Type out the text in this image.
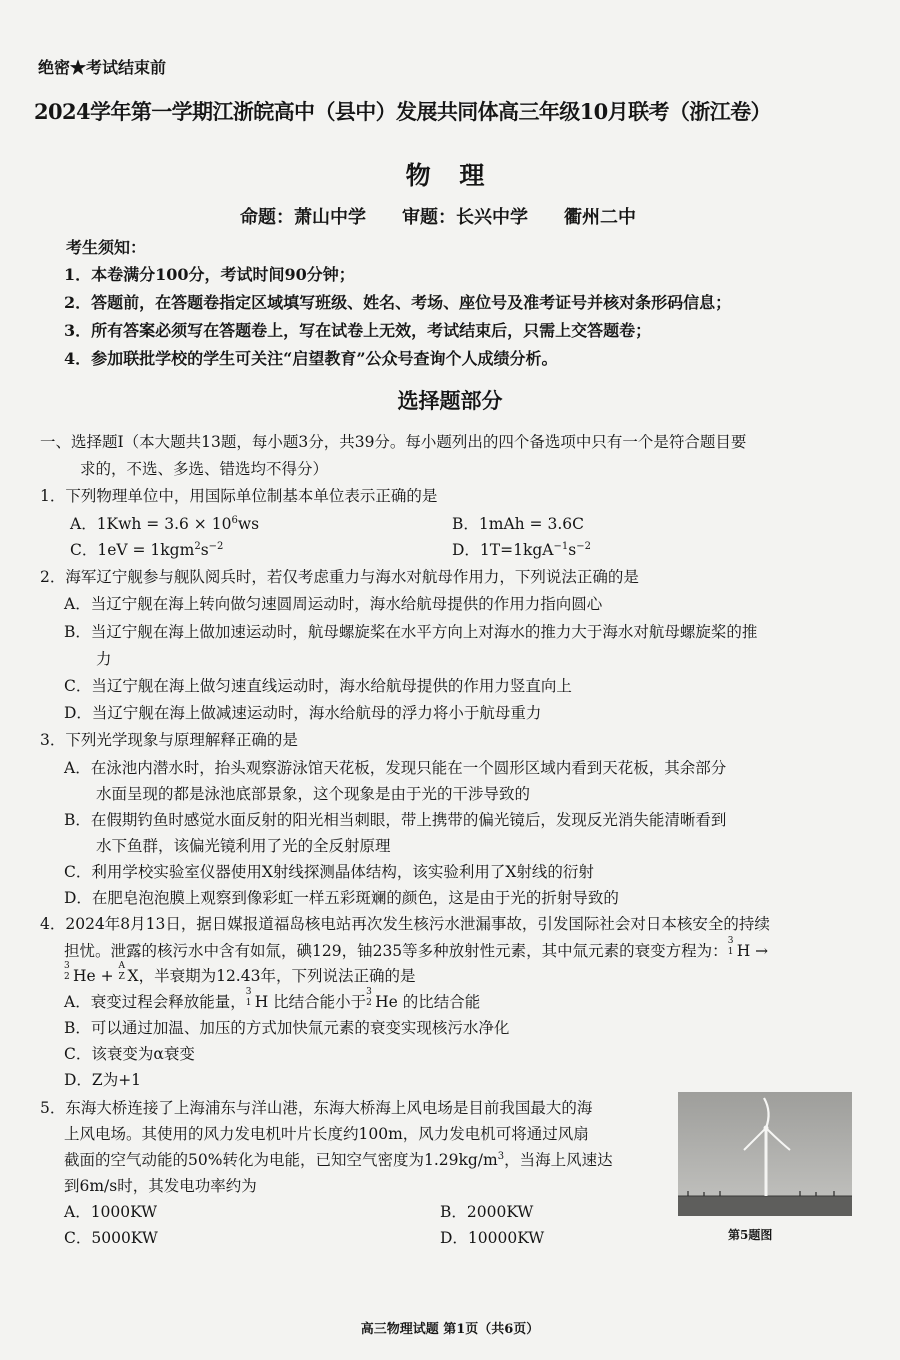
绝密★考试结束前
2024学年第一学期江浙皖高中（县中）发展共同体高三年级10月联考（浙江卷）
物 理
命题：萧山中学 审题：长兴中学 衢州二中
考生须知：
1．本卷满分100分，考试时间90分钟；
2．答题前，在答题卷指定区域填写班级、姓名、考场、座位号及准考证号并核对条形码信息；
3．所有答案必须写在答题卷上，写在试卷上无效，考试结束后，只需上交答题卷；
4．参加联批学校的学生可关注“启望教育”公众号查询个人成绩分析。
选择题部分
一、选择题Ⅰ（本大题共13题，每小题3分，共39分。每小题列出的四个备选项中只有一个是符合题目要
求的，不选、多选、错选均不得分）
1．下列物理单位中，用国际单位制基本单位表示正确的是
A．$1Kwh = 3.6 \times 10^6ws$	B．1mAh = 3.6C
C．$1eV = 1kgm^2s^{-2}$	D．$1T=1kgA^{-1}s^{-2}$
2．海军辽宁舰参与舰队阅兵时，若仅考虑重力与海水对航母作用力，下列说法正确的是
A．当辽宁舰在海上转向做匀速圆周运动时，海水给航母提供的作用力指向圆心
B．当辽宁舰在海上做加速运动时，航母螺旋桨在水平方向上对海水的推力大于海水对航母螺旋桨的推
力
C．当辽宁舰在海上做匀速直线运动时，海水给航母提供的作用力竖直向上
D．当辽宁舰在海上做减速运动时，海水给航母的浮力将小于航母重力
3．下列光学现象与原理解释正确的是
A．在泳池内潜水时，抬头观察游泳馆天花板，发现只能在一个圆形区域内看到天花板，其余部分
水面呈现的都是泳池底部景象，这个现象是由于光的干涉导致的
B．在假期钓鱼时感觉水面反射的阳光相当刺眼，带上携带的偏光镜后，发现反光消失能清晰看到
水下鱼群，该偏光镜利用了光的全反射原理
C．利用学校实验室仪器使用X射线探测晶体结构，该实验利用了X射线的衍射
D．在肥皂泡泡膜上观察到像彩虹一样五彩斑斓的颜色，这是由于光的折射导致的
4．2024年8月13日，据日媒报道福岛核电站再次发生核污水泄漏事故，引发国际社会对日本核安全的持续
担忧。泄露的核污水中含有如氚，碘129，铀235等多种放射性元素，其中氚元素的衰变方程为：
3
1 H →
3
2 He +
A
Z X，半衰期为12.43年，下列说法正确的是
A．衰变过程会释放能量，
3
1 H 比结合能小于
3
2 He 的比结合能
B．可以通过加温、加压的方式加快氚元素的衰变实现核污水净化
C．该衰变为α衰变
D．Z为+1
5．东海大桥连接了上海浦东与洋山港，东海大桥海上风电场是目前我国最大的海
上风电场。其使用的风力发电机叶片长度约100m，风力发电机可将通过风扇
截面的空气动能的50%转化为电能，已知空气密度为$1.29kg/m^3$，当海上风速达
到6m/s时，其发电功率约为
A．1000KW	B．2000KW
C．5000KW	D．10000KW	第5题图
高三物理试题 第1页（共6页）
